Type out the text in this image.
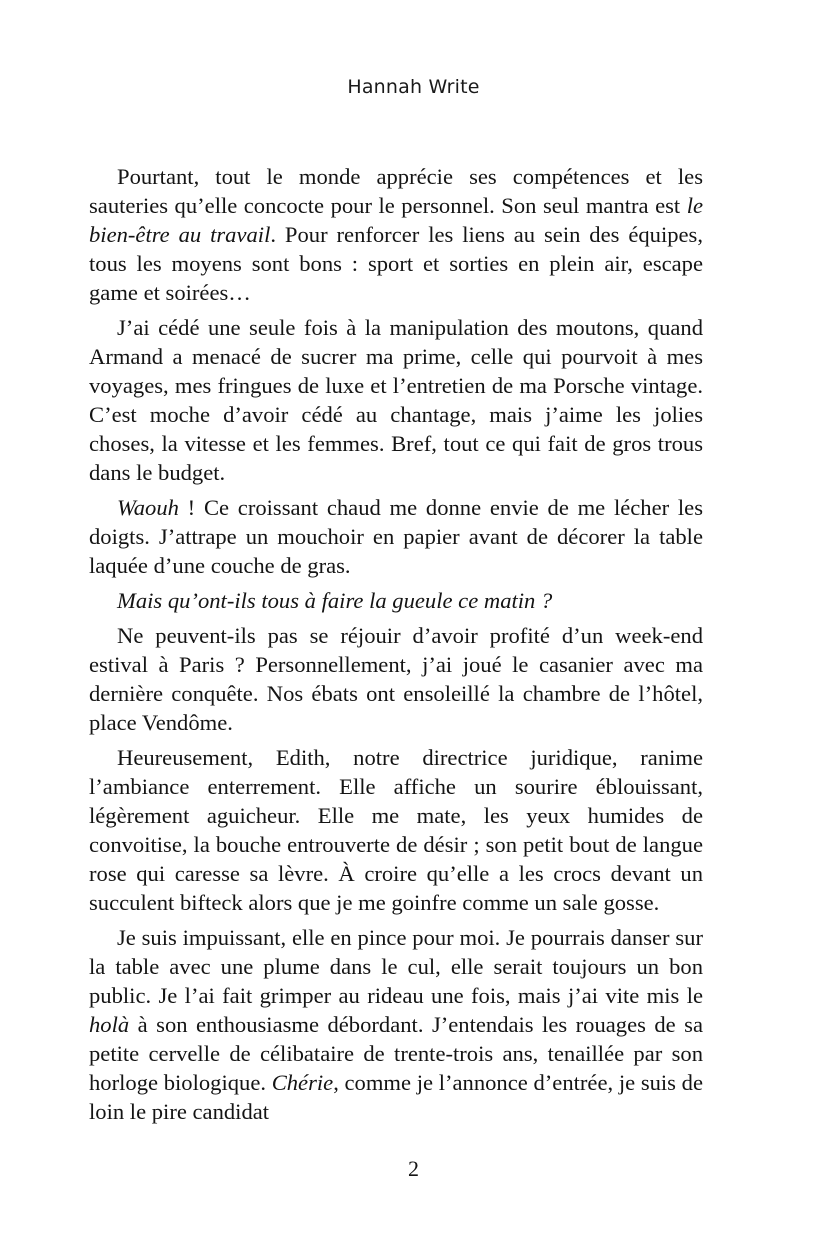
Hannah Write

Pourtant, tout le monde apprécie ses compétences et les sauteries qu’elle concocte pour le personnel. Son seul mantra est le bien-être au travail. Pour renforcer les liens au sein des équipes, tous les moyens sont bons : sport et sorties en plein air, escape game et soirées…

J’ai cédé une seule fois à la manipulation des moutons, quand Armand a menacé de sucrer ma prime, celle qui pourvoit à mes voyages, mes fringues de luxe et l’entretien de ma Porsche vintage. C’est moche d’avoir cédé au chantage, mais j’aime les jolies choses, la vitesse et les femmes. Bref, tout ce qui fait de gros trous dans le budget.

Waouh ! Ce croissant chaud me donne envie de me lécher les doigts. J’attrape un mouchoir en papier avant de décorer la table laquée d’une couche de gras.

Mais qu’ont-ils tous à faire la gueule ce matin ?

Ne peuvent-ils pas se réjouir d’avoir profité d’un week-end estival à Paris ? Personnellement, j’ai joué le casanier avec ma dernière conquête. Nos ébats ont ensoleillé la chambre de l’hôtel, place Vendôme.

Heureusement, Edith, notre directrice juridique, ranime l’ambiance enterrement. Elle affiche un sourire éblouissant, légèrement aguicheur. Elle me mate, les yeux humides de convoitise, la bouche entrouverte de désir ; son petit bout de langue rose qui caresse sa lèvre. À croire qu’elle a les crocs devant un succulent bifteck alors que je me goinfre comme un sale gosse.

Je suis impuissant, elle en pince pour moi. Je pourrais danser sur la table avec une plume dans le cul, elle serait toujours un bon public. Je l’ai fait grimper au rideau une fois, mais j’ai vite mis le holà à son enthousiasme débordant. J’entendais les rouages de sa petite cervelle de célibataire de trente-trois ans, tenaillée par son horloge biologique. Chérie, comme je l’annonce d’entrée, je suis de loin le pire candidat

2
